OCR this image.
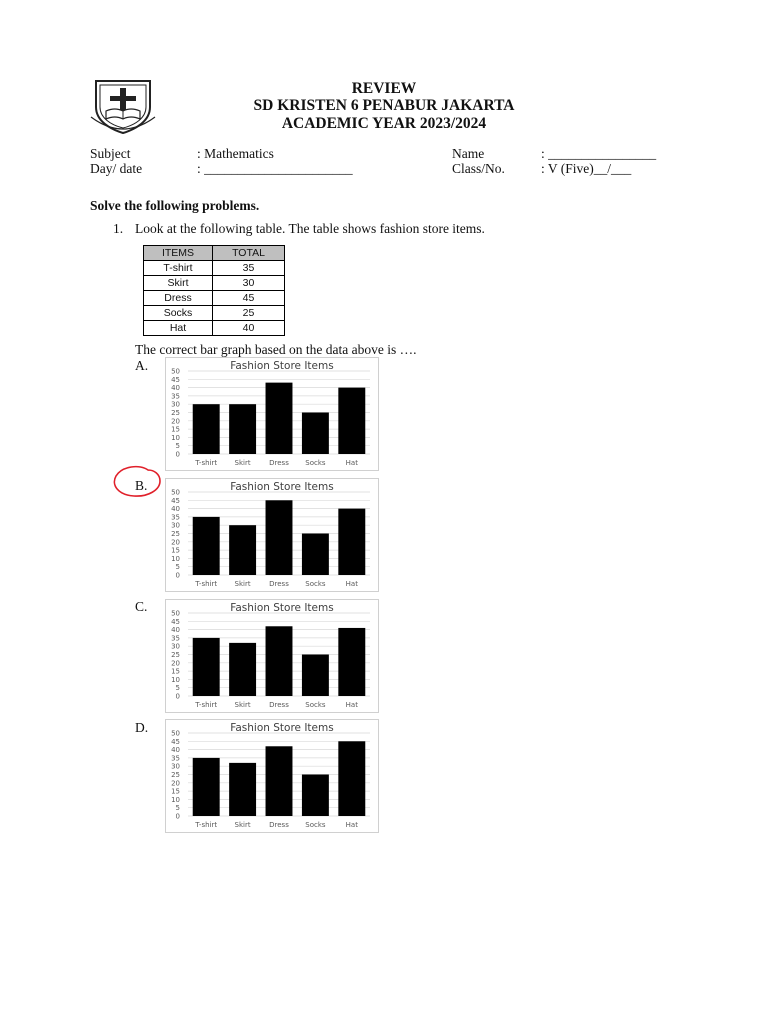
REVIEW
SD KRISTEN 6 PENABUR JAKARTA
ACADEMIC YEAR 2023/2024
Subject	: Mathematics	Name	: ________________
Day/ date	: ______________________	Class/No.	: V (Five)__/___
Solve the following problems.
1. Look at the following table. The table shows fashion store items.
ITEMS	TOTAL
T-shirt	35
Skirt	30
Dress	45
Socks	25
Hat	40
The correct bar graph based on the data above is ….
A.
B.
C.
D.
Fashion Store Items
0
5
10
15
20
25
30
35
40
45
50
T-shirt Skirt	Dress Socks	Hat
Fashion Store Items
0
5
10
15
20
25
30
35
40
45
50
T-shirt Skirt	Dress Socks	Hat
Fashion Store Items
0
5
10
15
20
25
30
35
40
45
50
T-shirt Skirt	Dress Socks	Hat
Fashion Store Items
0
5
10
15
20
25
30
35
40
45
50
T-shirt Skirt	Dress Socks	Hat
